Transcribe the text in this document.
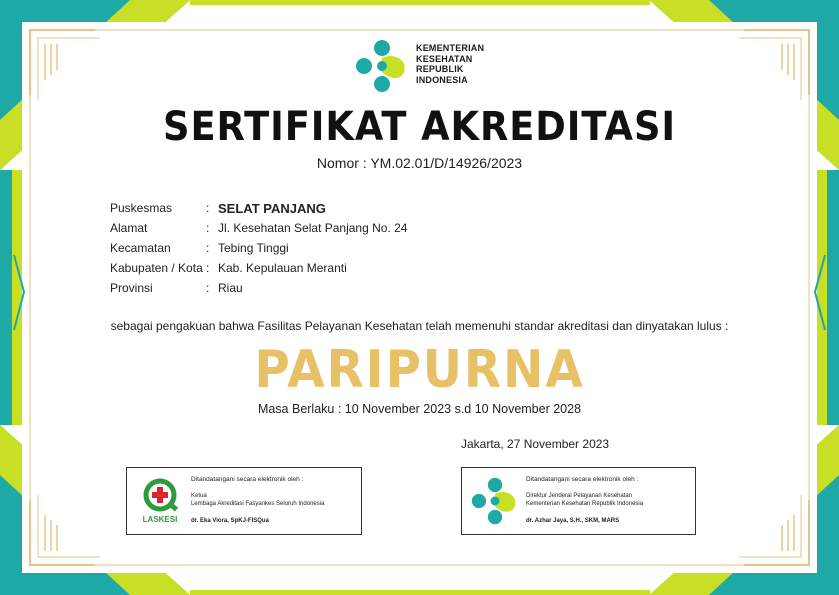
KEMENTERIAN
KESEHATAN
REPUBLIK
INDONESIA
SERTIFIKAT AKREDITASI
Nomor : YM.02.01/D/14926/2023
Puskesmas	: SELAT PANJANG
Alamat	: Jl. Kesehatan Selat Panjang No. 24
Kecamatan	: Tebing Tinggi
Kabupaten / Kota : Kab. Kepulauan Meranti
Provinsi	: Riau
sebagai pengakuan bahwa Fasilitas Pelayanan Kesehatan telah memenuhi standar akreditasi dan dinyatakan lulus :
PARIPURNA
Masa Berlaku : 10 November 2023 s.d 10 November 2028
Jakarta, 27 November 2023
LASKESI
Ditandatangani secara elektronik oleh :
Ketua
Lembaga Akreditasi Fasyankes Seluruh Indonesia
dr. Eka Viora, SpKJ-FISQua
Ditandatangani secara elektronik oleh :
Direktur Jenderal Pelayanan Kesehatan
Kementerian Kesehatan Republik Indonesia
dr. Azhar Jaya, S.H., SKM, MARS
